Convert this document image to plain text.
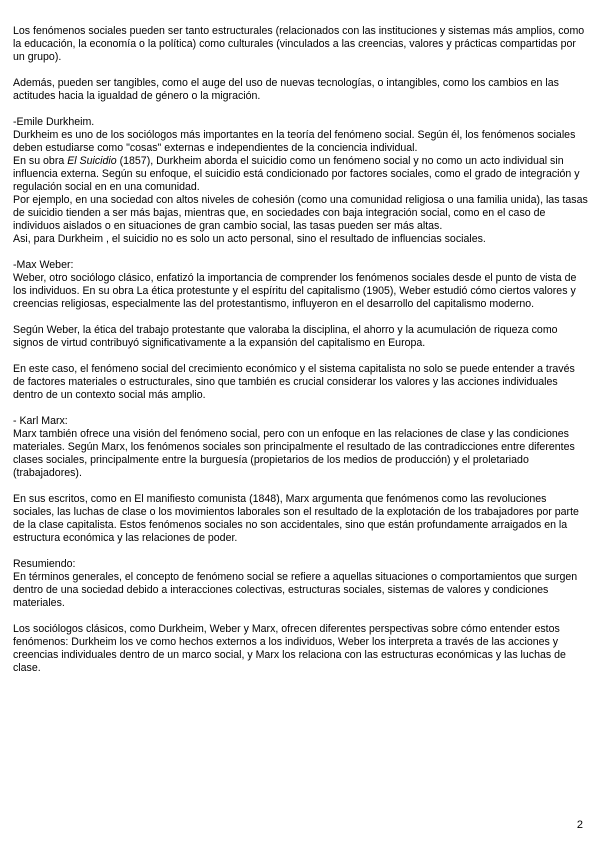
Los fenómenos sociales pueden ser tanto estructurales (relacionados con las instituciones y sistemas más amplios, como la educación, la economía o la política) como culturales (vinculados a las creencias, valores y prácticas compartidas por un grupo).

Además, pueden ser tangibles, como el auge del uso de nuevas tecnologías, o intangibles, como los cambios en las actitudes hacia la igualdad de género o la migración.

-Emile Durkheim.

Durkheim es uno de los sociólogos más importantes en la teoría del fenómeno social. Según él, los fenómenos sociales deben estudiarse como "cosas" externas e independientes de la conciencia individual.

En su obra El Suicidio (1857), Durkheim aborda el suicidio como un fenómeno social y no como un acto individual sin influencia externa. Según su enfoque, el suicidio está condicionado por factores sociales, como el grado de integración y regulación social en en una comunidad.

Por ejemplo, en una sociedad con altos niveles de cohesión (como una comunidad religiosa o una familia unida), las tasas de suicidio tienden a ser más bajas, mientras que, en sociedades con baja integración social, como en el caso de individuos aislados o en situaciones de gran cambio social, las tasas pueden ser más altas.

Asi, para Durkheim , el suicidio no es solo un acto personal, sino el resultado de influencias sociales.

-Max Weber:

Weber, otro sociólogo clásico, enfatizó la importancia de comprender los fenómenos sociales desde el punto de vista de los individuos. En su obra La ética protestunte y el espíritu del capitalismo (1905), Weber estudió cómo ciertos valores y creencias religiosas, especialmente las del protestantismo, influyeron en el desarrollo del capitalismo moderno.

Según Weber, la ética del trabajo protestante que valoraba la disciplina, el ahorro y la acumulación de riqueza como signos de virtud contribuyó significativamente a la expansión del capitalismo en Europa.

En este caso, el fenómeno social del crecimiento económico y el sistema capitalista no solo se puede entender a través de factores materiales o estructurales, sino que también es crucial considerar los valores y las acciones individuales dentro de un contexto social más amplio.

- Karl Marx:

Marx también ofrece una visión del fenómeno social, pero con un enfoque en las relaciones de clase y las condiciones materiales. Según Marx, los fenómenos sociales son principalmente el resultado de las contradicciones entre diferentes clases sociales, principalmente entre la burguesía (propietarios de los medios de producción) y el proletariado (trabajadores).

En sus escritos, como en El manifiesto comunista (1848), Marx argumenta que fenómenos como las revoluciones sociales, las luchas de clase o los movimientos laborales son el resultado de la explotación de los trabajadores por parte de la clase capitalista. Estos fenómenos sociales no son accidentales, sino que están profundamente arraigados en la estructura económica y las relaciones de poder.

Resumiendo:

En términos generales, el concepto de fenómeno social se refiere a aquellas situaciones o comportamientos que surgen dentro de una sociedad debido a interacciones colectivas, estructuras sociales, sistemas de valores y condiciones materiales.

Los sociólogos clásicos, como Durkheim, Weber y Marx, ofrecen diferentes perspectivas sobre cómo entender estos fenómenos: Durkheim los ve como hechos externos a los individuos, Weber los interpreta a través de las acciones y creencias individuales dentro de un marco social, y Marx los relaciona con las estructuras económicas y las luchas de clase.

2
